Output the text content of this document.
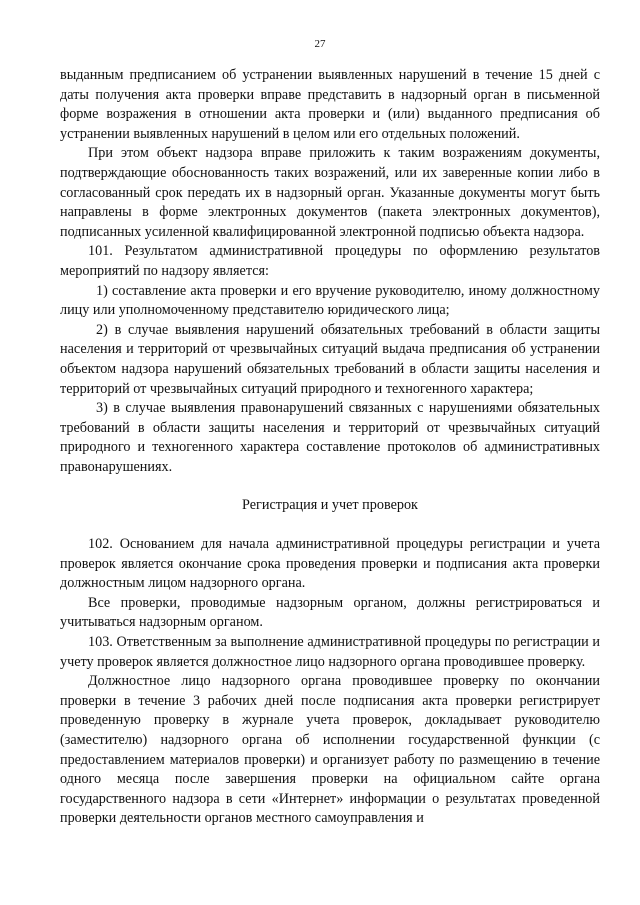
27

выданным предписанием об устранении выявленных нарушений в течение 15 дней с даты получения акта проверки вправе представить в надзорный орган в письменной форме возражения в отношении акта проверки и (или) выданного предписания об устранении выявленных нарушений в целом или его отдельных положений.

При этом объект надзора вправе приложить к таким возражениям документы, подтверждающие обоснованность таких возражений, или их заверенные копии либо в согласованный срок передать их в надзорный орган. Указанные документы могут быть направлены в форме электронных документов (пакета электронных документов), подписанных усиленной квалифицированной электронной подписью объекта надзора.

101. Результатом административной процедуры по оформлению результатов мероприятий по надзору является:

1) составление акта проверки и его вручение руководителю, иному должностному лицу или уполномоченному представителю юридического лица;

2) в случае выявления нарушений обязательных требований в области защиты населения и территорий от чрезвычайных ситуаций выдача предписания об устранении объектом надзора нарушений обязательных требований в области защиты населения и территорий от чрезвычайных ситуаций природного и техногенного характера;

3) в случае выявления правонарушений связанных с нарушениями обязательных требований в области защиты населения и территорий от чрезвычайных ситуаций природного и техногенного характера составление протоколов об административных правонарушениях.

Регистрация и учет проверок

102. Основанием для начала административной процедуры регистрации и учета проверок является окончание срока проведения проверки и подписания акта проверки должностным лицом надзорного органа.

Все проверки, проводимые надзорным органом, должны регистрироваться и учитываться надзорным органом.

103. Ответственным за выполнение административной процедуры по регистрации и учету проверок является должностное лицо надзорного органа проводившее проверку.

Должностное лицо надзорного органа проводившее проверку по окончании проверки в течение 3 рабочих дней после подписания акта проверки регистрирует проведенную проверку в журнале учета проверок, докладывает руководителю (заместителю) надзорного органа об исполнении государственной функции (с предоставлением материалов проверки) и организует работу по размещению в течение одного месяца после завершения проверки на официальном сайте органа государственного надзора в сети «Интернет» информации о результатах проведенной проверки деятельности органов местного самоуправления и
